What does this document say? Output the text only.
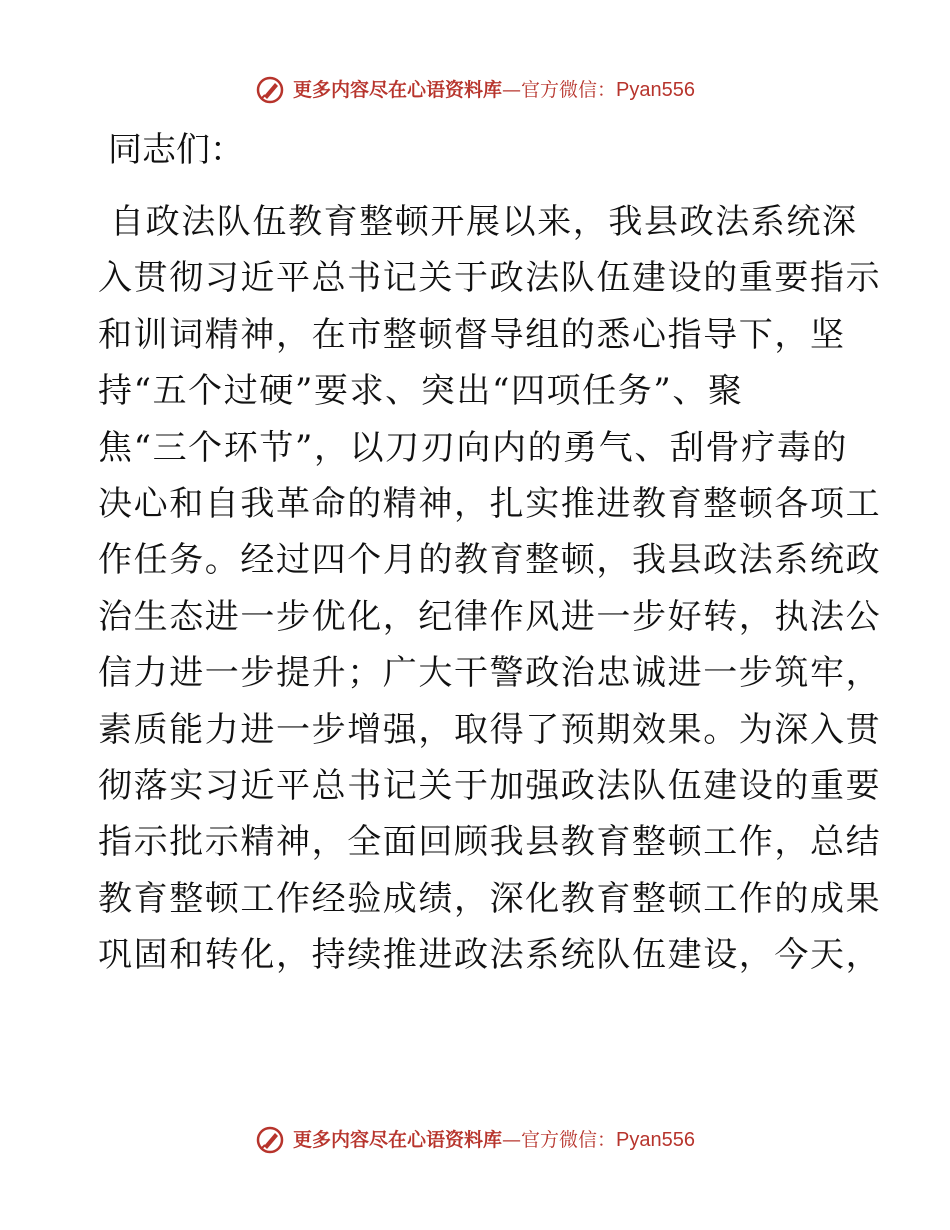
更多内容尽在心语资料库 — 官方微信： Pyan556
同志们：
自政法队伍教育整顿开展以来，我县政法系统深
入贯彻习近平总书记关于政法队伍建设的重要指示
和训词精神，在市整顿督导组的悉心指导下，坚
持“五个过硬”要求、突出“四项任务”、聚
焦“三个环节”，以刀刃向内的勇气、刮骨疗毒的
决心和自我革命的精神，扎实推进教育整顿各项工
作任务。经过四个月的教育整顿，我县政法系统政
治生态进一步优化，纪律作风进一步好转，执法公
信力进一步提升；广大干警政治忠诚进一步筑牢，
素质能力进一步增强，取得了预期效果。为深入贯
彻落实习近平总书记关于加强政法队伍建设的重要
指示批示精神，全面回顾我县教育整顿工作，总结
教育整顿工作经验成绩，深化教育整顿工作的成果
巩固和转化，持续推进政法系统队伍建设，今天，
更多内容尽在心语资料库 — 官方微信： Pyan556
